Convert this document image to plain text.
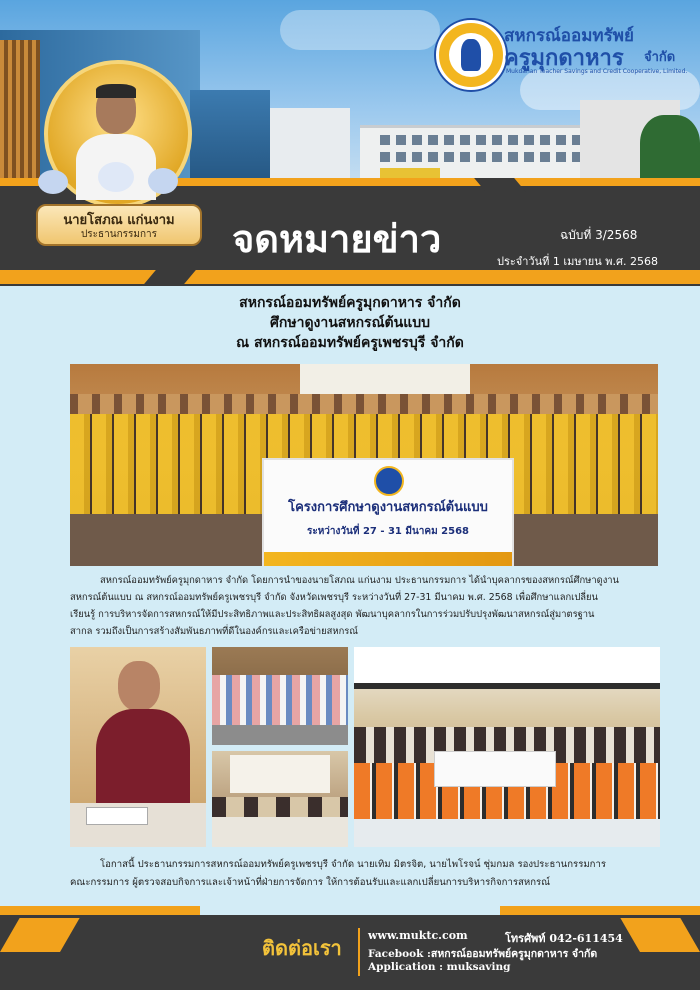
สหกรณ์ออมทรัพย์
ครูมุกดาหาร จำกัด
Mukdahan Teacher Savings and Credit Cooperative, Limited.
นายโสภณ แก่นงาม
ประธานกรรมการ	จดหมายข่าว	ฉบับที่ 3/2568
ประจำวันที่ 1 เมษายน พ.ศ. 2568
สหกรณ์ออมทรัพย์ครูมุกดาหาร จำกัด
ศึกษาดูงานสหกรณ์ต้นแบบ
ณ สหกรณ์ออมทรัพย์ครูเพชรบุรี จำกัด
โครงการศึกษาดูงานสหกรณ์ต้นแบบ
ระหว่างวันที่ 27 - 31 มีนาคม 2568
สหกรณ์ออมทรัพย์ครูมุกดาหาร จำกัด โดยการนำของนายโสภณ แก่นงาม ประธานกรรมการ ได้นำบุคลากรของสหกรณ์ศึกษาดูงาน
สหกรณ์ต้นแบบ ณ สหกรณ์ออมทรัพย์ครูเพชรบุรี จำกัด จังหวัดเพชรบุรี ระหว่างวันที่ 27-31 มีนาคม พ.ศ. 2568 เพื่อศึกษาแลกเปลี่ยน
เรียนรู้ การบริหารจัดการสหกรณ์ให้มีประสิทธิภาพและประสิทธิผลสูงสุด พัฒนาบุคลากรในการร่วมปรับปรุงพัฒนาสหกรณ์สู่มาตรฐาน
สากล รวมถึงเป็นการสร้างสัมพันธภาพที่ดีในองค์กรและเครือข่ายสหกรณ์
โอกาสนี้ ประธานกรรมการสหกรณ์ออมทรัพย์ครูเพชรบุรี จำกัด นายเทิม มิตรจิต, นายไพโรจน์ ชุ่มกมล รองประธานกรรมการ
คณะกรรมการ ผู้ตรวจสอบกิจการและเจ้าหน้าที่ฝ่ายการจัดการ ให้การต้อนรับและแลกเปลี่ยนการบริหารกิจการสหกรณ์
ติดต่อเรา
www.muktc.com	โทรศัพท์ 042-611454
Facebook :สหกรณ์ออมทรัพย์ครูมุกดาหาร จำกัด
Application : muksaving
